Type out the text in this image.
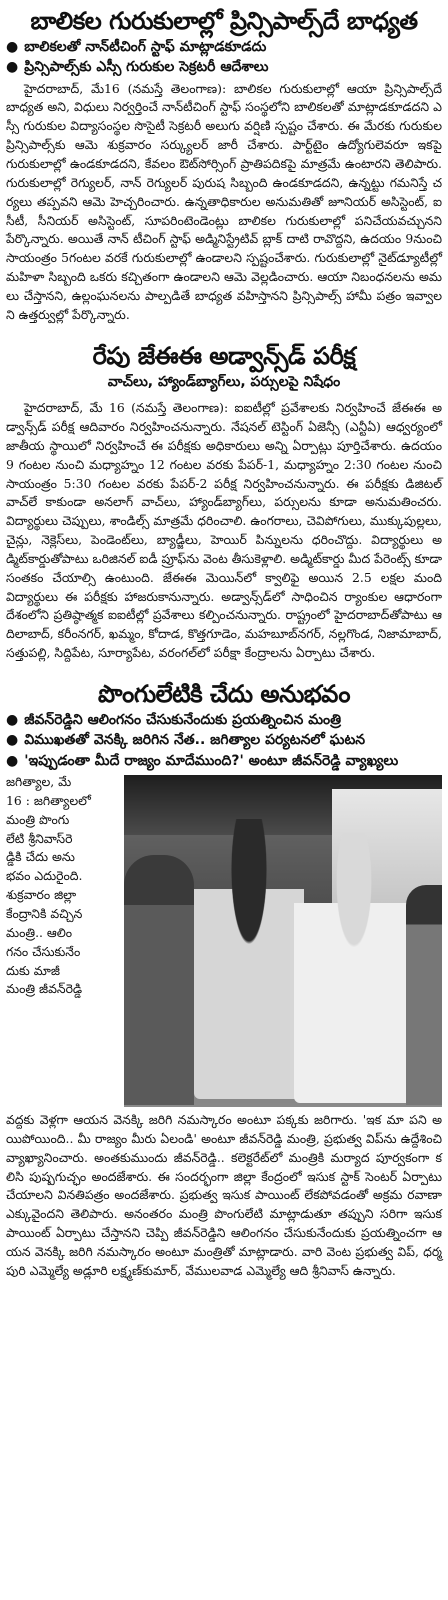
బాలికల గురుకులాల్లో ప్రిన్సిపాల్స్‌దే బాధ్యత
● బాలికలతో నాన్‌టీచింగ్ స్టాఫ్ మాట్లాడకూడదు
● ప్రిన్సిపాల్స్‌కు ఎస్సీ గురుకుల సెక్రటరీ ఆదేశాలు

హైదరాబాద్, మే16 (నమస్తే తెలంగాణ): బాలికల గురుకులాల్లో ఆయా ప్రిన్సిపాల్స్‌దే బాధ్యత అని, విధులు నిర్వర్తించే నాన్‌టీచింగ్ స్టాఫ్ సంస్థలోని బాలికలతో మాట్లాడకూడదని ఎస్సీ గురుకుల విద్యాసంస్థల సొసైటీ సెక్రటరీ అలుగు వర్షిణి స్పష్టం చేశారు. ఈ మేరకు గురుకుల ప్రిన్సిపాల్స్‌కు ఆమె శుక్రవారం సర్క్యులర్ జారీ చేశారు. పార్ట్‌టైం ఉద్యోగులెవరూ ఇకపై గురుకులాల్లో ఉండకూడదని, కేవలం ఔట్‌సోర్సింగ్ ప్రాతిపదికపై మాత్రమే ఉంటారని తెలిపారు. గురుకులాల్లో రెగ్యులర్, నాన్ రెగ్యులర్ పురుష సిబ్బంది ఉండకూడదని, ఉన్నట్టు గమనిస్తే చర్యలు తప్పవని ఆమె హెచ్చరించారు. ఉన్నతాధికారుల అనుమతితో జూనియర్ అసిస్టెంట్, ఐసీటీ, సీనియర్ అసిస్టెంట్, సూపరింటెండెంట్లు బాలికల గురుకులాల్లో పనిచేయవచ్చునని పేర్కొన్నారు. అయితే నాన్ టీచింగ్ స్టాఫ్ అడ్మినిస్ట్రేటివ్ బ్లాక్ దాటి రావొద్దని, ఉదయం 9నుంచి సాయంత్రం 5గంటల వరకే గురుకులాల్లో ఉండాలని స్పష్టంచేశారు. గురుకులాల్లో నైట్‌డ్యూటీల్లో మహిళా సిబ్బంది ఒకరు కచ్చితంగా ఉండాలని ఆమె వెల్లడించారు. ఆయా నిబంధనలను అమలు చేస్తానని, ఉల్లంఘనలను పాల్పడితే బాధ్యత వహిస్తానని ప్రిన్సిపాల్స్ హామీ పత్రం ఇవ్వాలని ఉత్తర్వుల్లో పేర్కొన్నారు.

రేపు జేఈఈ అడ్వాన్స్‌డ్ పరీక్ష
వాచ్‌లు, హ్యాండ్‌బ్యాగ్‌లు, పర్సులపై నిషేధం

హైదరాబాద్, మే 16 (నమస్తే తెలంగాణ): ఐఐటీల్లో ప్రవేశాలకు నిర్వహించే జేఈఈ అడ్వాన్స్‌డ్ పరీక్ష ఆదివారం నిర్వహించనున్నారు. నేషనల్ టెస్టింగ్ ఏజెన్సీ (ఎన్టీఏ) ఆధ్వర్యంలో జాతీయ స్థాయిలో నిర్వహించే ఈ పరీక్షకు అధికారులు అన్ని ఏర్పాట్లు పూర్తిచేశారు. ఉదయం 9 గంటల నుంచి మధ్యాహ్నం 12 గంటల వరకు పేపర్-1, మధ్యాహ్నం 2:30 గంటల నుంచి సాయంత్రం 5:30 గంటల వరకు పేపర్-2 పరీక్ష నిర్వహించనున్నారు. ఈ పరీక్షకు డిజిటల్ వాచ్‌లే కాకుండా అనలాగ్ వాచ్‌లు, హ్యాండ్‌బ్యాగ్‌లు, పర్సులను కూడా అనుమతించరు. విద్యార్థులు చెప్పులు, శాండిల్స్ మాత్రమే ధరించాలి. ఉంగరాలు, చెవిపోగులు, ముక్కుపుల్లలు, చైన్లు, నెక్లెస్‌లు, పెండెంట్‌లు, బ్యాడ్జీలు, హెయిర్ పిన్నులను ధరించొద్దు. విద్యార్థులు అడ్మిట్‌కార్డుతోపాటు ఒరిజినల్ ఐడీ ప్రూఫ్‌ను వెంట తీసుకెళ్లాలి. అడ్మిట్‌కార్డు మీద పేరెంట్స్ కూడా సంతకం చేయాల్సి ఉంటుంది. జేఈఈ మెయిన్‌లో క్వాలిఫై అయిన 2.5 లక్షల మంది విద్యార్థులు ఈ పరీక్షకు హాజరుకానున్నారు. అడ్వాన్స్‌డ్‌లో సాధించిన ర్యాంకుల ఆధారంగా దేశంలోని ప్రతిష్ఠాత్మక ఐఐటీల్లో ప్రవేశాలు కల్పించనున్నారు. రాష్ట్రంలో హైదరాబాద్‌తోపాటు ఆదిలాబాద్, కరీంనగర్, ఖమ్మం, కోదాడ, కొత్తగూడెం, మహబూబ్‌నగర్, నల్లగొండ, నిజామాబాద్, సత్తుపల్లి, సిద్దిపేట, సూర్యాపేట, వరంగల్‌లో పరీక్షా కేంద్రాలను ఏర్పాటు చేశారు.

పొంగులేటికి చేదు అనుభవం
● జీవన్‌రెడ్డిని ఆలింగనం చేసుకునేందుకు ప్రయత్నించిన మంత్రి
● విముఖతతో వెనక్కి జరిగిన నేత.. జగిత్యాల పర్యటనలో ఘటన
● 'ఇప్పుడంతా మీదే రాజ్యం మాదేముంది?' అంటూ జీవన్‌రెడ్డి వ్యాఖ్యలు
జగిత్యాల, మే
16 : జగిత్యాలలో
మంత్రి పొంగు
లేటి శ్రీనివాస్‌రె
డ్డికి చేదు అను
భవం ఎదురైంది.
శుక్రవారం జిల్లా
కేంద్రానికి వచ్చిన
మంత్రి.. ఆలిం
గనం చేసుకునేం
దుకు మాజీ
మంత్రి జీవన్‌రెడ్డి

వద్దకు వెళ్లగా ఆయన వెనక్కి జరిగి నమస్కారం అంటూ పక్కకు జరిగారు. 'ఇక మా పని అయిపోయింది.. మీ రాజ్యం మీరు ఏలండి' అంటూ జీవన్‌రెడ్డి మంత్రి, ప్రభుత్వ విప్‌ను ఉద్దేశించి వ్యాఖ్యానించారు. అంతకుముందు జీవన్‌రెడ్డి.. కలెక్టరేట్‌లో మంత్రికి మర్యాద పూర్వకంగా కలిసి పుష్పగుచ్ఛం అందజేశారు. ఈ సందర్భంగా జిల్లా కేంద్రంలో ఇసుక స్టాక్ సెంటర్ ఏర్పాటు చేయాలని వినతిపత్రం అందజేశారు. ప్రభుత్వ ఇసుక పాయింట్ లేకపోవడంతో అక్రమ రవాణా ఎక్కువైందని తెలిపారు. అనంతరం మంత్రి పొంగులేటి మాట్లాడుతూ తప్పుని సరిగా ఇసుక పాయింట్ ఏర్పాటు చేస్తానని చెప్పి జీవన్‌రెడ్డిని ఆలింగనం చేసుకునేందుకు ప్రయత్నించగా ఆయన వెనక్కి జరిగి నమస్కారం అంటూ మంత్రితో మాట్లాడారు. వారి వెంట ప్రభుత్వ విప్, ధర్మపురి ఎమ్మెల్యే అడ్లూరి లక్ష్మణ్‌కుమార్, వేములవాడ ఎమ్మెల్యే ఆది శ్రీనివాస్ ఉన్నారు.
